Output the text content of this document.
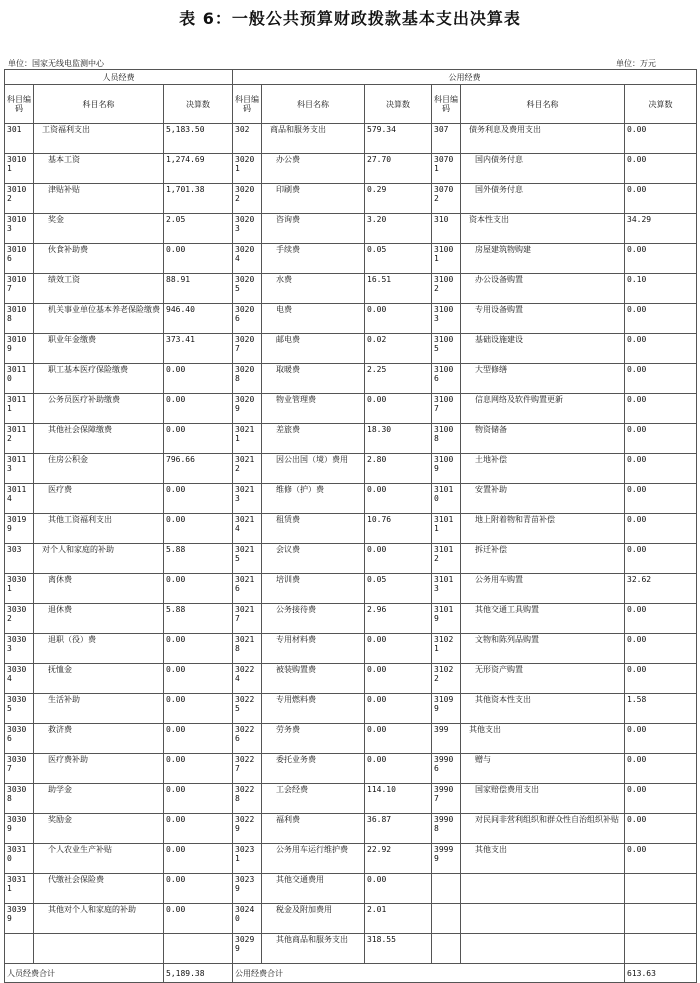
表 6：一般公共预算财政拨款基本支出决算表
单位：国家无线电监测中心	单位：万元
人员经费			公用经费					
科目编码	科目名称	决算数	科目编码	科目名称	决算数	科目编码	科目名称	决算数
301	工资福利支出	5,183.50	302	商品和服务支出	579.34	307	债务利息及费用支出	0.00
30101	基本工资	1,274.69	30201	办公费	27.70	30701	国内债务付息	0.00
30102	津贴补贴	1,701.38	30202	印刷费	0.29	30702	国外债务付息	0.00
30103	奖金	2.05	30203	咨询费	3.20	310	资本性支出	34.29
30106	伙食补助费	0.00	30204	手续费	0.05	31001	房屋建筑物购建	0.00
30107	绩效工资	88.91	30205	水费	16.51	31002	办公设备购置	0.10
30108	机关事业单位基本养老保险缴费	946.40	30206	电费	0.00	31003	专用设备购置	0.00
30109	职业年金缴费	373.41	30207	邮电费	0.02	31005	基础设施建设	0.00
30110	职工基本医疗保险缴费	0.00	30208	取暖费	2.25	31006	大型修缮	0.00
30111	公务员医疗补助缴费	0.00	30209	物业管理费	0.00	31007	信息网络及软件购置更新	0.00
30112	其他社会保障缴费	0.00	30211	差旅费	18.30	31008	物资储备	0.00
30113	住房公积金	796.66	30212	因公出国（境）费用	2.80	31009	土地补偿	0.00
30114	医疗费	0.00	30213	维修（护）费	0.00	31010	安置补助	0.00
30199	其他工资福利支出	0.00	30214	租赁费	10.76	31011	地上附着物和青苗补偿	0.00
303	对个人和家庭的补助	5.88	30215	会议费	0.00	31012	拆迁补偿	0.00
30301	离休费	0.00	30216	培训费	0.05	31013	公务用车购置	32.62
30302	退休费	5.88	30217	公务接待费	2.96	31019	其他交通工具购置	0.00
30303	退职（役）费	0.00	30218	专用材料费	0.00	31021	文物和陈列品购置	0.00
30304	抚恤金	0.00	30224	被装购置费	0.00	31022	无形资产购置	0.00
30305	生活补助	0.00	30225	专用燃料费	0.00	31099	其他资本性支出	1.58
30306	救济费	0.00	30226	劳务费	0.00	399	其他支出	0.00
30307	医疗费补助	0.00	30227	委托业务费	0.00	39906	赠与	0.00
30308	助学金	0.00	30228	工会经费	114.10	39907	国家赔偿费用支出	0.00
30309	奖励金	0.00	30229	福利费	36.87	39908	对民间非营利组织和群众性自治组织补贴	0.00
30310	个人农业生产补贴	0.00	30231	公务用车运行维护费	22.92	39999	其他支出	0.00
30311	代缴社会保险费	0.00	30239	其他交通费用	0.00			
30399	其他对个人和家庭的补助	0.00	30240	税金及附加费用	2.01			
			30299	其他商品和服务支出	318.55			
人员经费合计		5,189.38	公用经费合计					613.63
